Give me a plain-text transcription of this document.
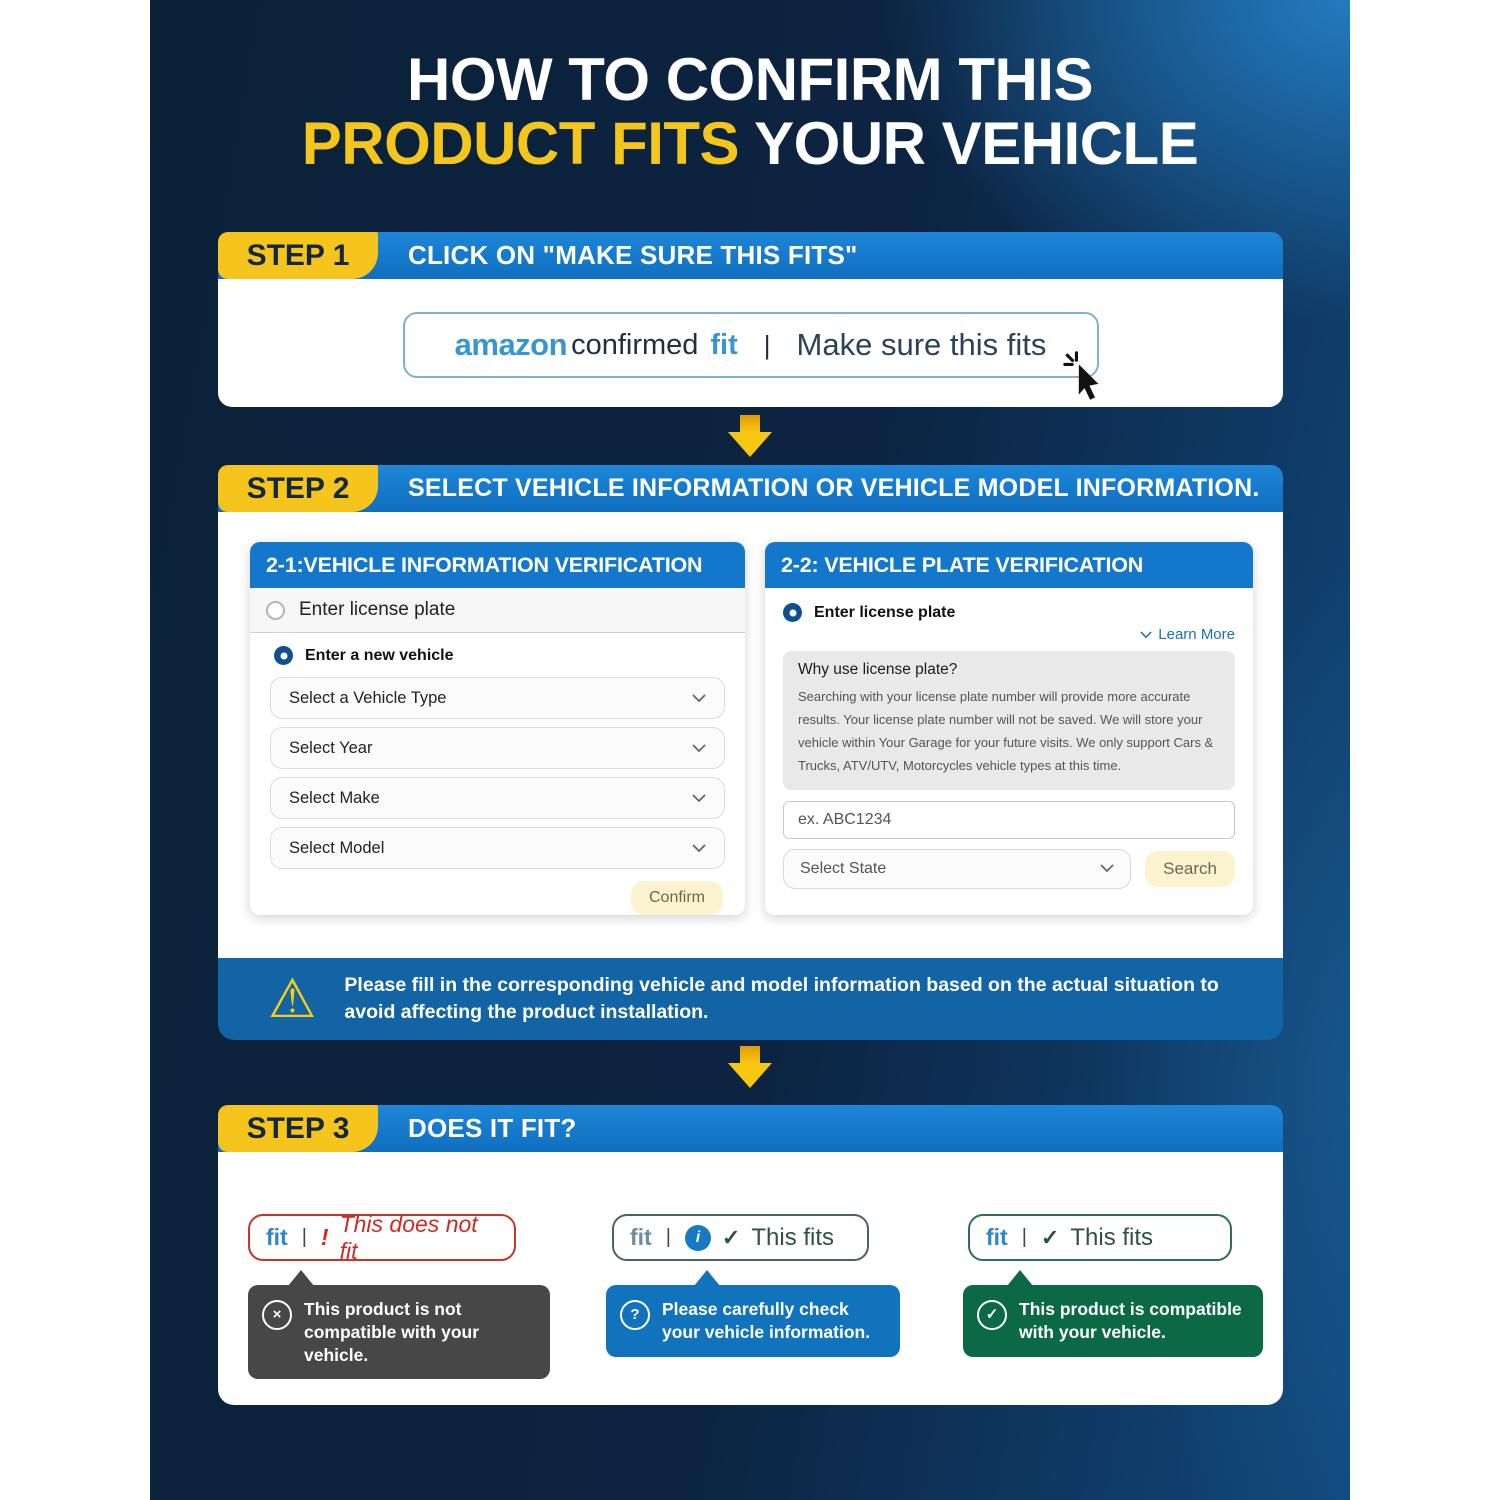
HOW TO CONFIRM THIS
PRODUCT FITS YOUR VEHICLE
STEP 1	CLICK ON "MAKE SURE THIS FITS"
amazon confirmed fit | Make sure this fits
STEP 2	SELECT VEHICLE INFORMATION OR VEHICLE MODEL INFORMATION.
2-1:VEHICLE INFORMATION VERIFICATION
Enter license plate
Enter a new vehicle
Select a Vehicle Type
Select Year
Select Make
Select Model
Confirm
2-2: VEHICLE PLATE VERIFICATION
Enter license plate
Learn More
Why use license plate?

Searching with your license plate number will provide more accurate results. Your license plate number will not be saved. We will store your vehicle within Your Garage for your future visits. We only support Cars & Trucks, ATV/UTV, Motorcycles vehicle types at this time.

ex. ABC1234
Select State	Search
⚠ Please fill in the corresponding vehicle and model information based on the actual situation to avoid affecting the product installation.
STEP 3	DOES IT FIT?
fit | !
This does not fit
fit |	i ✓ This fits	fit | ✓ This fits
×	This product is not compatible with your vehicle.
?	Please carefully check your vehicle information.
✓	This product is compatible with your vehicle.
